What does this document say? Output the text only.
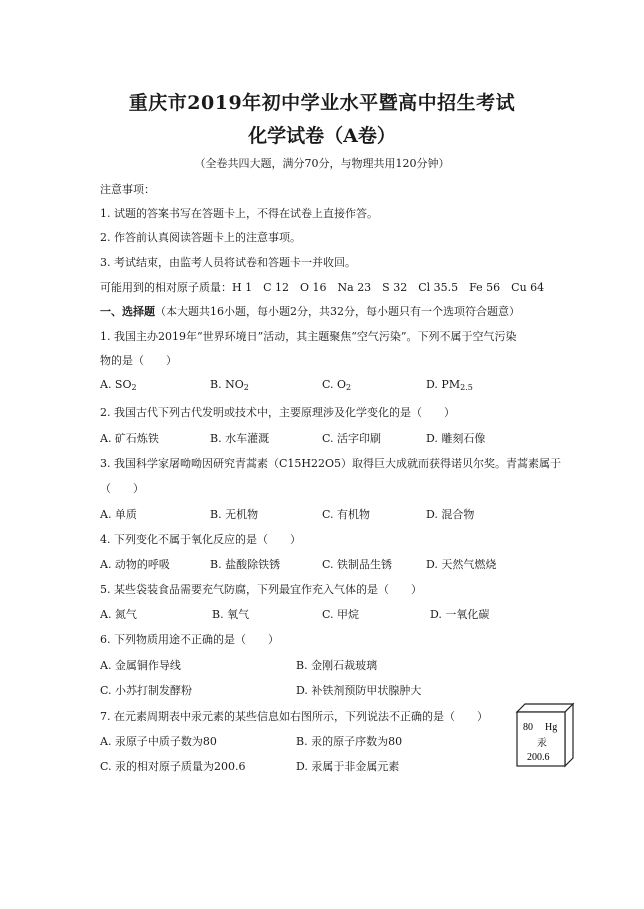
重庆市2019年初中学业水平暨高中招生考试
化学试卷（A卷）
（全卷共四大题，满分70分，与物理共用120分钟）
注意事项：
1. 试题的答案书写在答题卡上，不得在试卷上直接作答。
2. 作答前认真阅读答题卡上的注意事项。
3. 考试结束，由监考人员将试卷和答题卡一并收回。
可能用到的相对原子质量：H 1　C 12　O 16　Na 23　S 32　Cl 35.5　Fe 56　Cu 64
一、选择题（本大题共16小题，每小题2分，共32分，每小题只有一个选项符合题意）
1. 我国主办2019年“世界环境日”活动，其主题聚焦“空气污染”。下列不属于空气污染
物的是（　　）
A. $SO_2$	B. $NO_2$	C. $O_2$	D. $PM_{2.5}$
2. 我国古代下列古代发明或技术中，主要原理涉及化学变化的是（　　）
A. 矿石炼铁	B. 水车灌溉	C. 活字印刷	D. 雕刻石像
3. 我国科学家屠呦呦因研究青蒿素（C15H22O5）取得巨大成就而获得诺贝尔奖。青蒿素属于
（　　）
A. 单质	B. 无机物	C. 有机物	D. 混合物
4. 下列变化不属于氧化反应的是（　　）
A. 动物的呼吸	B. 盐酸除铁锈	C. 铁制品生锈	D. 天然气燃烧
5. 某些袋装食品需要充气防腐，下列最宜作充入气体的是（　　）
A. 氮气	B. 氧气	C. 甲烷	D. 一氧化碳
6. 下列物质用途不正确的是（　　）
A. 金属铜作导线	B. 金刚石裁玻璃
C. 小苏打制发酵粉	D. 补铁剂预防甲状腺肿大
7. 在元素周期表中汞元素的某些信息如右图所示，下列说法不正确的是（　　）
A. 汞原子中质子数为80	B. 汞的原子序数为80
C. 汞的相对原子质量为200.6	D. 汞属于非金属元素
80 Hg
汞
200.6
